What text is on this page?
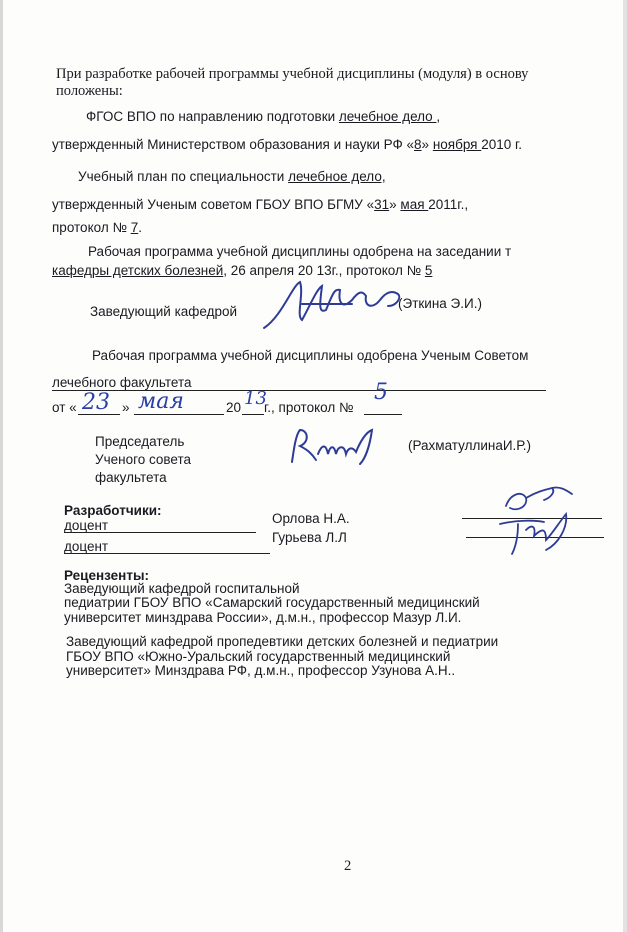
При разработке рабочей программы учебной дисциплины (модуля) в основу
положены:
ФГОС ВПО по направлению подготовки лечебное дело ,
утвержденный Министерством образования и науки РФ «8» ноября 2010 г.
Учебный план по специальности лечебное дело,
утвержденный Ученым советом ГБОУ ВПО БГМУ «31» мая 2011г.,
протокол № 7.
Рабочая программа учебной дисциплины одобрена на заседании т
кафедры детских болезней, 26 апреля 20 13г., протокол № 5
Заведующий кафедрой
(Эткина Э.И.)
Рабочая программа учебной дисциплины одобрена Ученым Советом
лечебного факультета
от « 23 » мая	20 13
г., протокол №
5
Председатель
Ученого совета
факультета
(РахматуллинаИ.Р.)
Разработчики:
доцент	Орлова Н.А.
доцент
Гурьева Л.Л
Рецензенты:
Заведующий кафедрой госпитальной
педиатрии ГБОУ ВПО «Самарский государственный медицинский
университет минздрава России», д.м.н., профессор Мазур Л.И.
Заведующий кафедрой пропедевтики детских болезней и педиатрии
ГБОУ ВПО «Южно-Уральский государственный медицинский
университет» Минздрава РФ, д.м.н., профессор Узунова А.Н..
2
